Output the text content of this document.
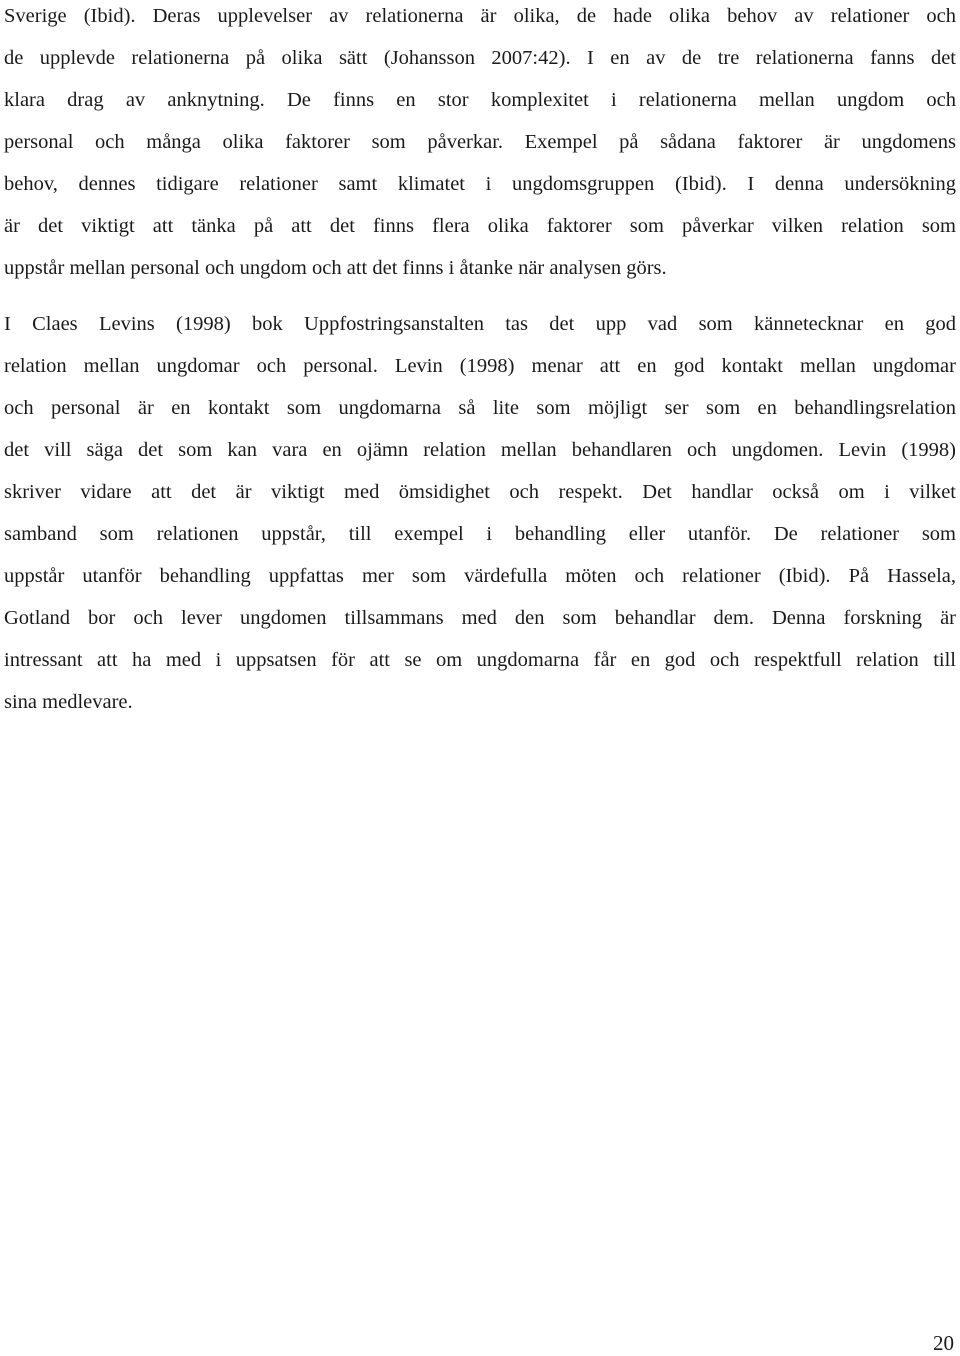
Sverige (Ibid). Deras upplevelser av relationerna är olika, de hade olika behov av relationer och
de upplevde relationerna på olika sätt (Johansson 2007:42). I en av de tre relationerna fanns det
klara drag av anknytning. De finns en stor komplexitet i relationerna mellan ungdom och
personal och många olika faktorer som påverkar. Exempel på sådana faktorer är ungdomens
behov, dennes tidigare relationer samt klimatet i ungdomsgruppen (Ibid). I denna undersökning
är det viktigt att tänka på att det finns flera olika faktorer som påverkar vilken relation som
uppstår mellan personal och ungdom och att det finns i åtanke när analysen görs.

I Claes Levins (1998) bok Uppfostringsanstalten tas det upp vad som kännetecknar en god
relation mellan ungdomar och personal. Levin (1998) menar att en god kontakt mellan ungdomar
och personal är en kontakt som ungdomarna så lite som möjligt ser som en behandlingsrelation
det vill säga det som kan vara en ojämn relation mellan behandlaren och ungdomen. Levin (1998)
skriver vidare att det är viktigt med ömsidighet och respekt. Det handlar också om i vilket
samband som relationen uppstår, till exempel i behandling eller utanför. De relationer som
uppstår utanför behandling uppfattas mer som värdefulla möten och relationer (Ibid). På Hassela,
Gotland bor och lever ungdomen tillsammans med den som behandlar dem. Denna forskning är
intressant att ha med i uppsatsen för att se om ungdomarna får en god och respektfull relation till
sina medlevare.

20
